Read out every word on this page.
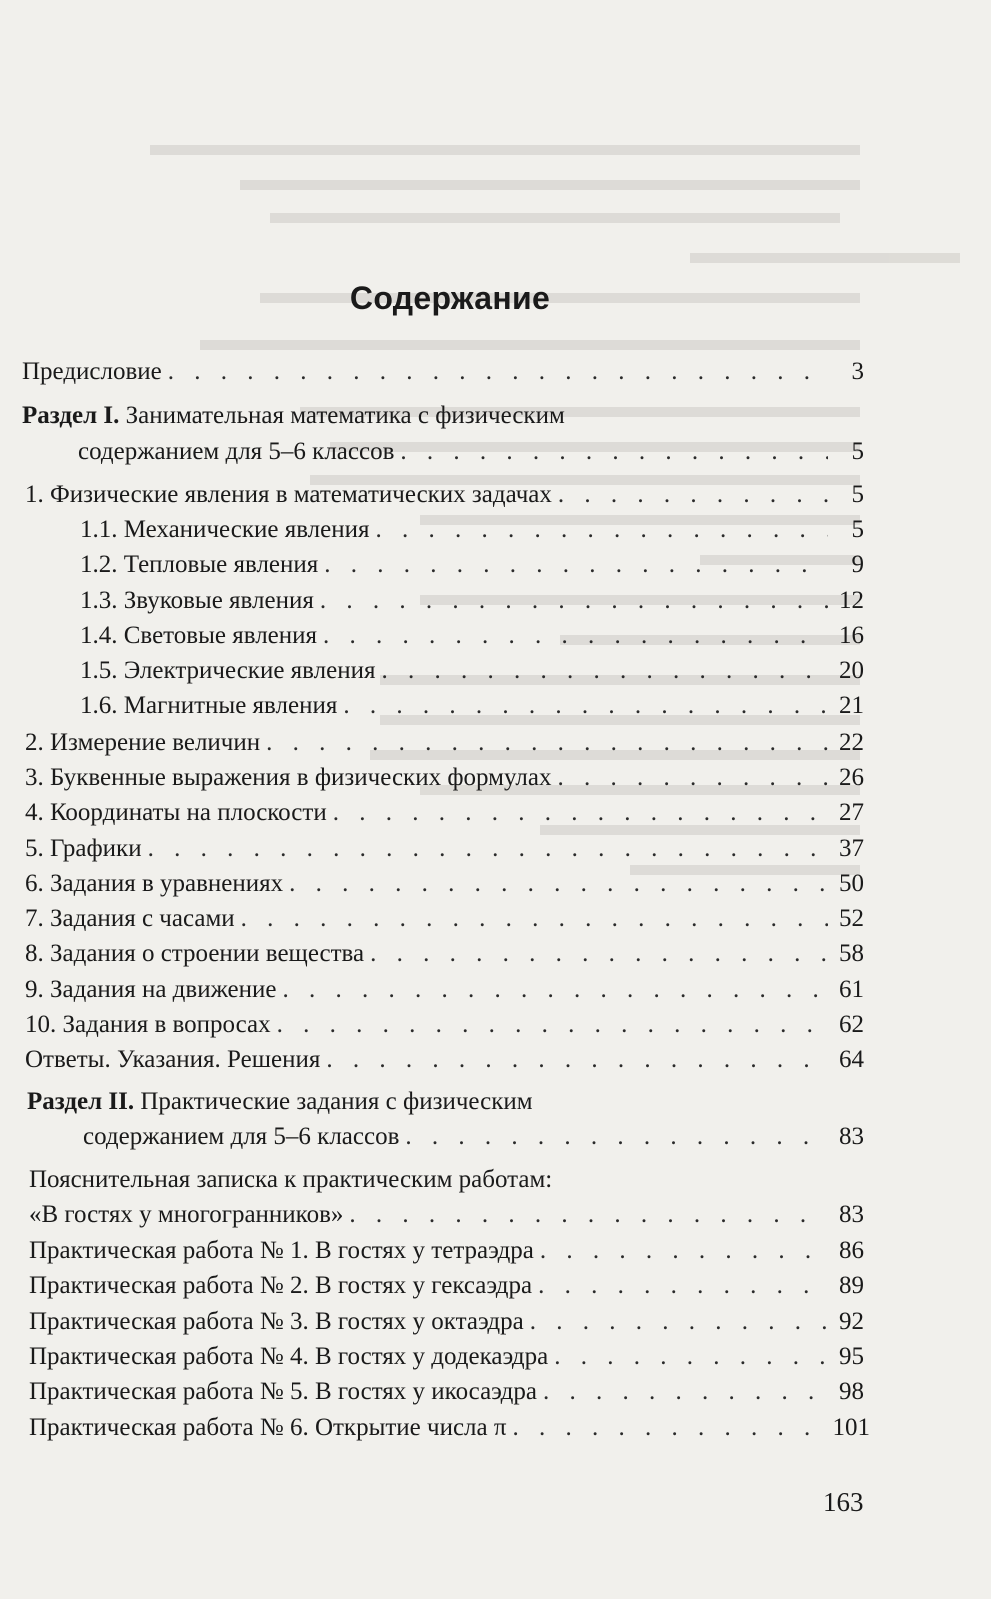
Содержание
Предисловие . . .	3
Раздел I. Занимательная математика с физическим
содержанием для 5–6 классов . . .	5
1. Физические явления в математических задачах . . .	5
1.1. Механические явления . . .	5
1.2. Тепловые явления . . .	9
1.3. Звуковые явления . . .	12
1.4. Световые явления . . .	16
1.5. Электрические явления . . .	20
1.6. Магнитные явления . . .	21
2. Измерение величин . . .	22
3. Буквенные выражения в физических формулах . . .	26
4. Координаты на плоскости . . .	27
5. Графики . . .	37
6. Задания в уравнениях . . .	50
7. Задания с часами . . .	52
8. Задания о строении вещества . . .	58
9. Задания на движение . . .	61
10. Задания в вопросах . . .	62
Ответы. Указания. Решения . . .	64
Раздел II. Практические задания с физическим
содержанием для 5–6 классов . . .	83
Пояснительная записка к практическим работам:
«В гостях у многогранников» . . .	83
Практическая работа № 1. В гостях у тетраэдра . . .	86
Практическая работа № 2. В гостях у гексаэдра . . .	89
Практическая работа № 3. В гостях у октаэдра . . .	92
Практическая работа № 4. В гостях у додекаэдра . . .	95
Практическая работа № 5. В гостях у икосаэдра . . .	98
Практическая работа № 6. Открытие числа π . . .	101
163
